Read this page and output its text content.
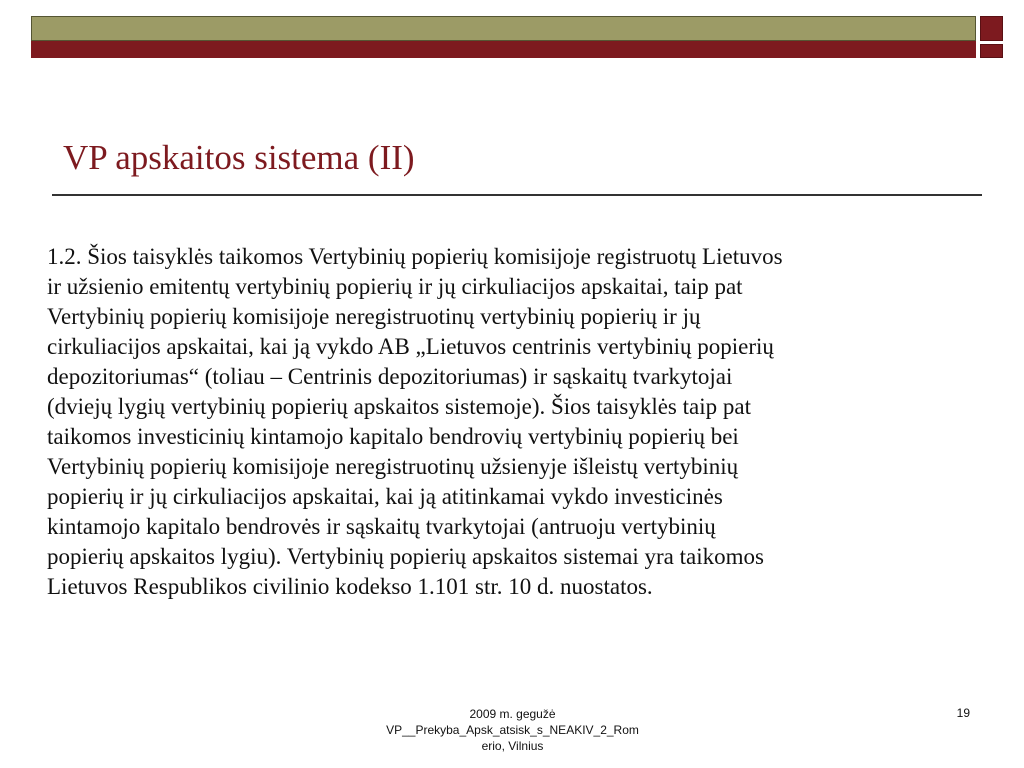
VP apskaitos sistema (II)
1.2. Šios taisyklės taikomos Vertybinių popierių komisijoje registruotų Lietuvos
ir užsienio emitentų vertybinių popierių ir jų cirkuliacijos apskaitai, taip pat
Vertybinių popierių komisijoje neregistruotinų vertybinių popierių ir jų
cirkuliacijos apskaitai, kai ją vykdo AB „Lietuvos centrinis vertybinių popierių
depozitoriumas“ (toliau – Centrinis depozitoriumas) ir sąskaitų tvarkytojai
(dviejų lygių vertybinių popierių apskaitos sistemoje). Šios taisyklės taip pat
taikomos investicinių kintamojo kapitalo bendrovių vertybinių popierių bei
Vertybinių popierių komisijoje neregistruotinų užsienyje išleistų vertybinių
popierių ir jų cirkuliacijos apskaitai, kai ją atitinkamai vykdo investicinės
kintamojo kapitalo bendrovės ir sąskaitų tvarkytojai (antruoju vertybinių
popierių apskaitos lygiu). Vertybinių popierių apskaitos sistemai yra taikomos
Lietuvos Respublikos civilinio kodekso 1.101 str. 10 d. nuostatos.
2009 m. gegužė
VP__Prekyba_Apsk_atsisk_s_NEAKIV_2_Rom
erio, Vilnius
19
